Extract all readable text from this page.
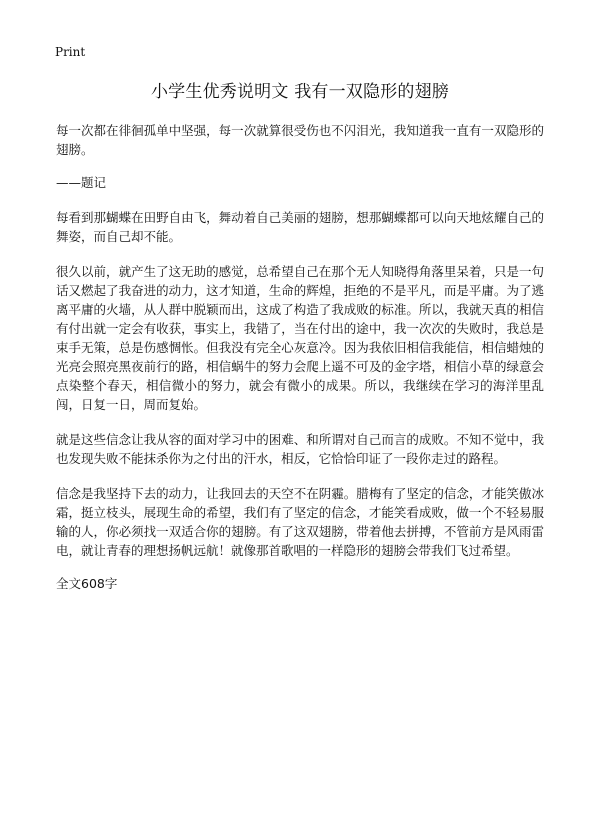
Print
小学生优秀说明文 我有一双隐形的翅膀

每一次都在徘徊孤单中坚强，每一次就算很受伤也不闪泪光，我知道我一直有一双隐形的翅膀。

——题记

每看到那蝴蝶在田野自由飞，舞动着自己美丽的翅膀，想那蝴蝶都可以向天地炫耀自己的舞姿，而自己却不能。

很久以前，就产生了这无助的感觉，总希望自己在那个无人知晓得角落里呆着，只是一句话又燃起了我奋进的动力，这才知道，生命的辉煌，拒绝的不是平凡，而是平庸。为了逃离平庸的火墙，从人群中脱颖而出，这成了构造了我成败的标准。所以，我就天真的相信有付出就一定会有收获，事实上，我错了，当在付出的途中，我一次次的失败时，我总是束手无策，总是伤感惆怅。但我没有完全心灰意冷。因为我依旧相信我能信，相信蜡烛的光亮会照亮黑夜前行的路，相信蜗牛的努力会爬上遥不可及的金字塔，相信小草的绿意会点染整个春天，相信微小的努力，就会有微小的成果。所以，我继续在学习的海洋里乱闯，日复一日，周而复始。

就是这些信念让我从容的面对学习中的困难、和所谓对自己而言的成败。不知不觉中，我也发现失败不能抹杀你为之付出的汗水，相反，它恰恰印证了一段你走过的路程。

信念是我坚持下去的动力，让我回去的天空不在阴霾。腊梅有了坚定的信念，才能笑傲冰霜，挺立枝头，展现生命的希望，我们有了坚定的信念，才能笑看成败，做一个不轻易服输的人，你必须找一双适合你的翅膀。有了这双翅膀，带着他去拼搏，不管前方是风雨雷电，就让青春的理想扬帆远航！就像那首歌唱的一样隐形的翅膀会带我们飞过希望。

全文608字
